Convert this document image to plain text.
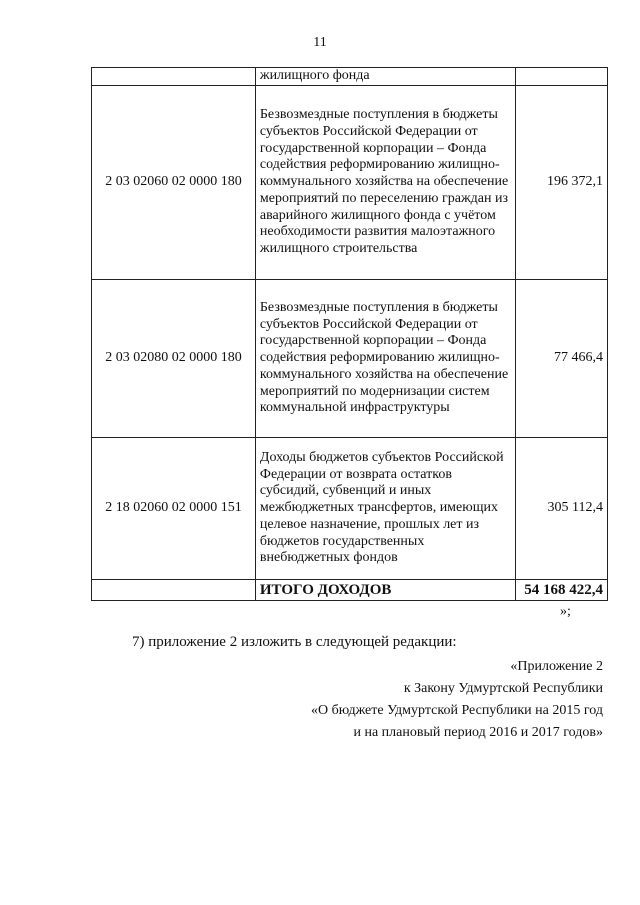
11
	жилищного фонда	
2 03 02060 02 0000 180	Безвозмездные поступления в бюджеты субъектов Российской Федерации от государственной корпорации – Фонда содействия реформированию жилищно-коммунального хозяйства на обеспечение мероприятий по переселению граждан из аварийного жилищного фонда с учётом необходимости развития малоэтажного жилищного строительства	196 372,1
2 03 02080 02 0000 180	Безвозмездные поступления в бюджеты субъектов Российской Федерации от государственной корпорации – Фонда содействия реформированию жилищно-коммунального хозяйства на обеспечение мероприятий по модернизации систем коммунальной инфраструктуры	77 466,4
2 18 02060 02 0000 151	Доходы бюджетов субъектов Российской Федерации от возврата остатков субсидий, субвенций и иных межбюджетных трансфертов, имеющих целевое назначение, прошлых лет из бюджетов государственных внебюджетных фондов	305 112,4
	ИТОГО ДОХОДОВ	54 168 422,4
»;
7) приложение 2 изложить в следующей редакции:
«Приложение 2
к Закону Удмуртской Республики
«О бюджете Удмуртской Республики на 2015 год
и на плановый период 2016 и 2017 годов»
